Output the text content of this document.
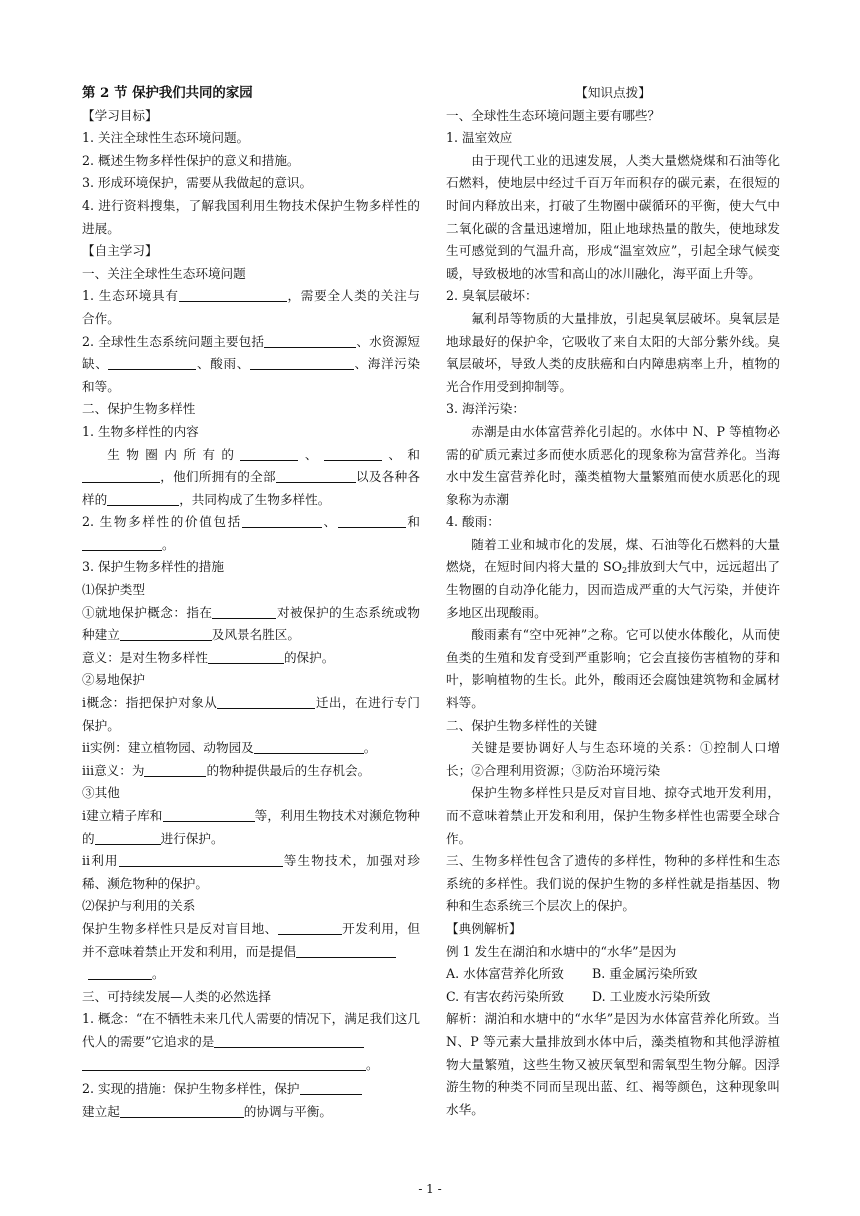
第 2 节 保护我们共同的家园

【学习目标】

1. 关注全球性生态环境问题。

2. 概述生物多样性保护的意义和措施。

3. 形成环境保护，需要从我做起的意识。

4. 进行资料搜集，了解我国利用生物技术保护生物多样性的进展。

【自主学习】

一、关注全球性生态环境问题

1. 生态环境具有	，需要全人类的关注与合作。

2. 全球性生态系统问题主要包括	、水资源短缺、	、酸雨、	、海洋污染和等。

二、保护生物多样性

1. 生物多样性的内容

生物圈内所有的	、	、和，他们所拥有的全部	以及各种各样的	，共同构成了生物多样性。

2. 生物多样性的价值包括	、	和。

3. 保护生物多样性的措施

⑴保护类型

①就地保护概念：指在	对被保护的生态系统或物种建立	及风景名胜区。

意义：是对生物多样性	的保护。

②易地保护

ⅰ概念：指把保护对象从	迁出，在进行专门保护。

ⅱ实例：建立植物园、动物园及	。

ⅲ意义：为	的物种提供最后的生存机会。

③其他

ⅰ建立精子库和	等，利用生物技术对濒危物种的	进行保护。

ⅱ利用	等生物技术，加强对珍稀、濒危物种的保护。

⑵保护与利用的关系

保护生物多样性只是反对盲目地、	开发利用，但并不意味着禁止开发和利用，而是提倡
。

三、可持续发展—人类的必然选择

1. 概念：“在不牺牲未来几代人需要的情况下，满足我们这几代人的需要”它追求的是
。

2. 实现的措施：保护生物多样性，保护
建立起	的协调与平衡。

【知识点拨】

一、全球性生态环境问题主要有哪些？

1. 温室效应

由于现代工业的迅速发展，人类大量燃烧煤和石油等化石燃料，使地层中经过千百万年而积存的碳元素，在很短的时间内释放出来，打破了生物圈中碳循环的平衡，使大气中二氧化碳的含量迅速增加，阻止地球热量的散失，使地球发生可感觉到的气温升高，形成“温室效应”，引起全球气候变暖，导致极地的冰雪和高山的冰川融化，海平面上升等。

2. 臭氧层破坏：

氟利昂等物质的大量排放，引起臭氧层破坏。臭氧层是地球最好的保护伞，它吸收了来自太阳的大部分紫外线。臭氧层破坏，导致人类的皮肤癌和白内障患病率上升，植物的光合作用受到抑制等。

3. 海洋污染：

赤潮是由水体富营养化引起的。水体中 N、P 等植物必需的矿质元素过多而使水质恶化的现象称为富营养化。当海水中发生富营养化时，藻类植物大量繁殖而使水质恶化的现象称为赤潮

4. 酸雨：

随着工业和城市化的发展，煤、石油等化石燃料的大量燃烧，在短时间内将大量的 $SO_2$排放到大气中，远远超出了生物圈的自动净化能力，因而造成严重的大气污染，并使许多地区出现酸雨。

酸雨素有“空中死神”之称。它可以使水体酸化，从而使鱼类的生殖和发育受到严重影响；它会直接伤害植物的芽和叶，影响植物的生长。此外，酸雨还会腐蚀建筑物和金属材料等。

二、保护生物多样性的关键

关键是要协调好人与生态环境的关系：①控制人口增长；②合理利用资源；③防治环境污染

保护生物多样性只是反对盲目地、掠夺式地开发利用，而不意味着禁止开发和利用，保护生物多样性也需要全球合作。

三、生物多样性包含了遗传的多样性，物种的多样性和生态系统的多样性。我们说的保护生物的多样性就是指基因、物种和生态系统三个层次上的保护。

【典例解析】

例 1 发生在湖泊和水塘中的“水华”是因为

A. 水体富营养化所致 B. 重金属污染所致

C. 有害农药污染所致 D. 工业废水污染所致

解析：湖泊和水塘中的“水华”是因为水体富营养化所致。当 N、P 等元素大量排放到水体中后，藻类植物和其他浮游植物大量繁殖，这些生物又被厌氧型和需氧型生物分解。因浮游生物的种类不同而呈现出蓝、红、褐等颜色，这种现象叫水华。

- 1 -
